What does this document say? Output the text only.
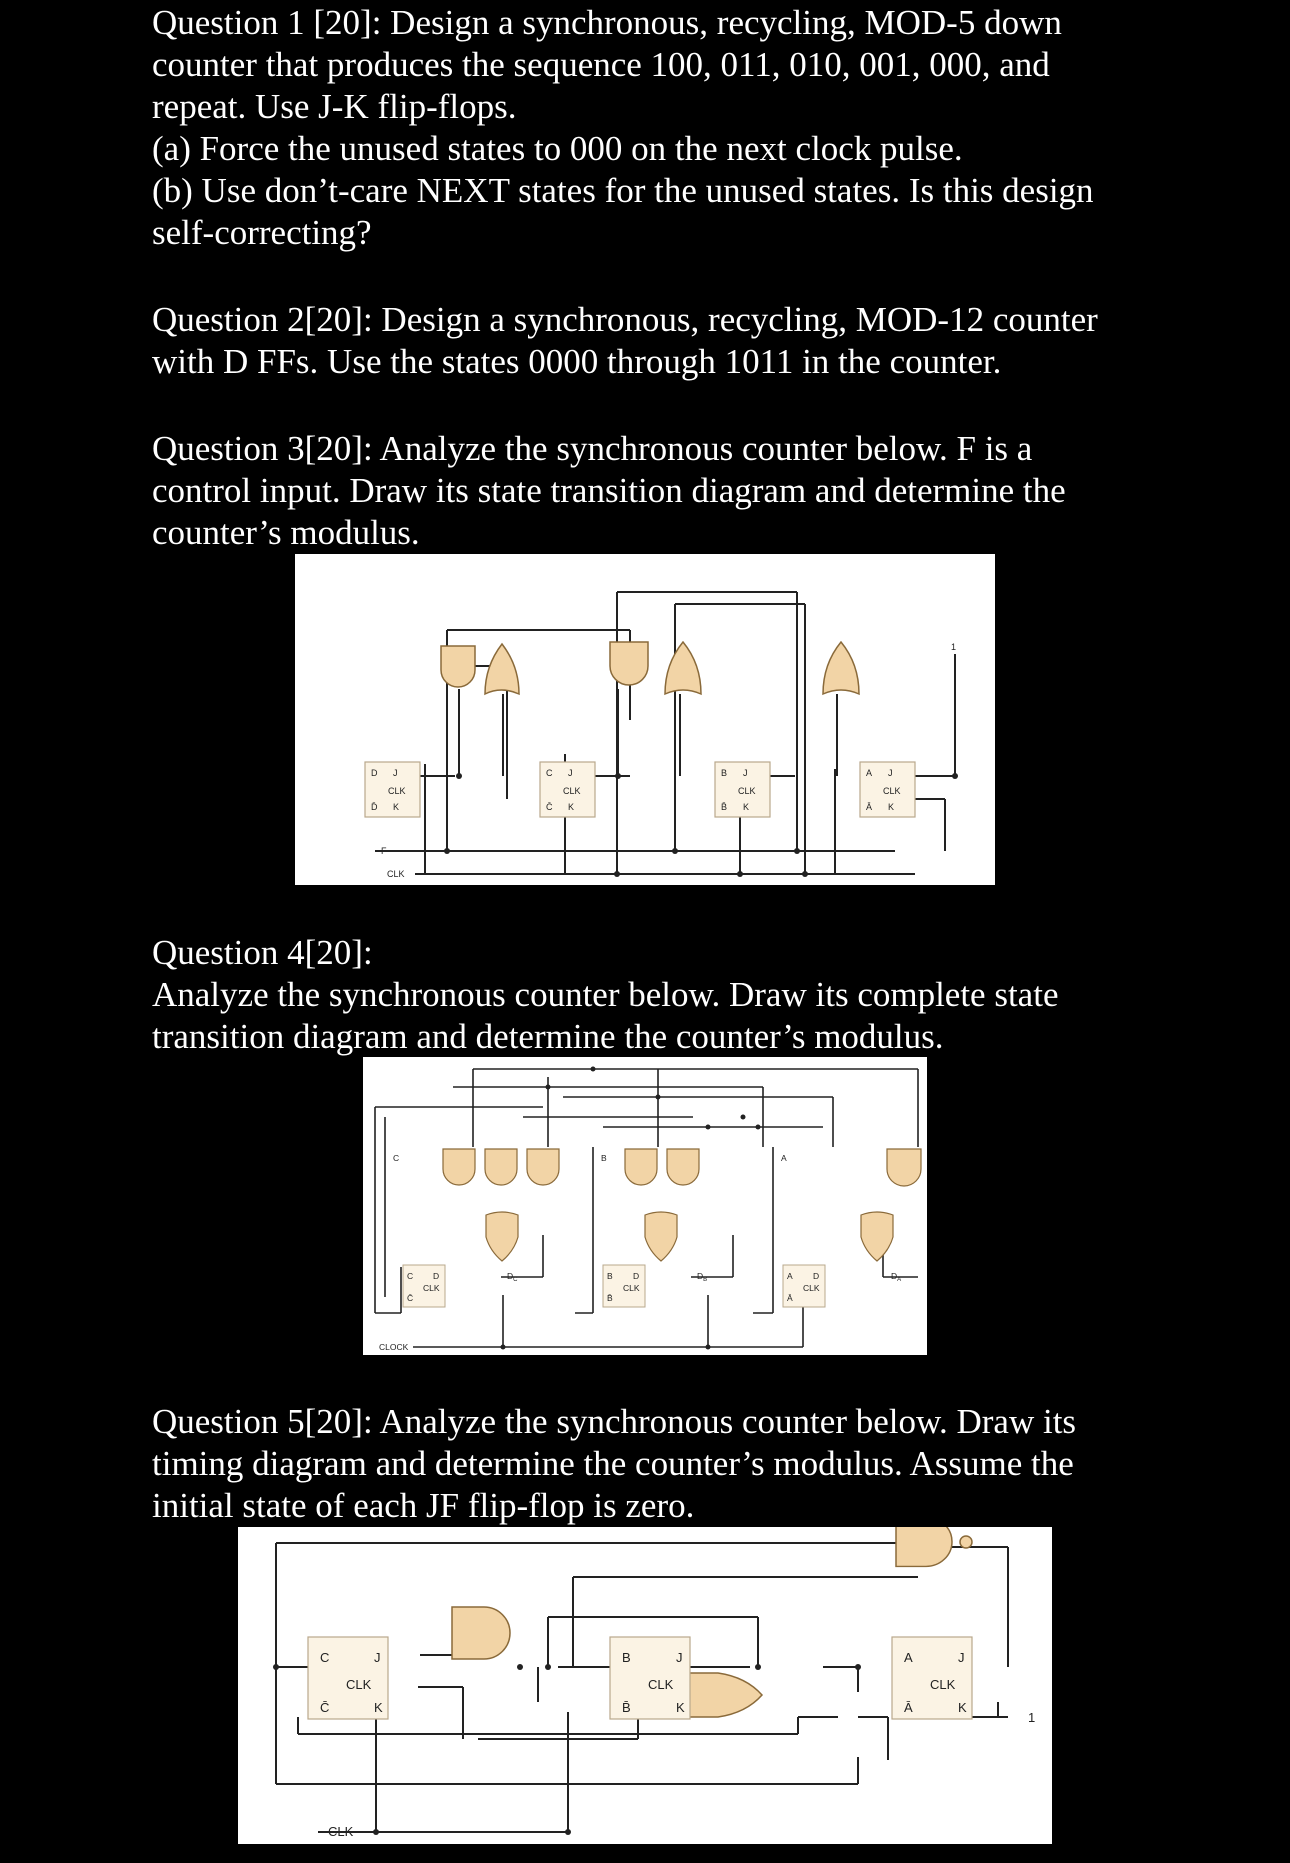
Question 1 [20]: Design a synchronous, recycling, MOD-5 down
counter that produces the sequence 100, 011, 010, 001, 000, and
repeat. Use J-K flip-flops.
(a) Force the unused states to 000 on the next clock pulse.
(b) Use don’t-care NEXT states for the unused states. Is this design
self-correcting?
Question 2[20]: Design a synchronous, recycling, MOD-12 counter
with D FFs. Use the states 0000 through 1011 in the counter.
Question 3[20]: Analyze the synchronous counter below. F is a
control input. Draw its state transition diagram and determine the
counter’s modulus.
Question 4[20]:
Analyze the synchronous counter below. Draw its complete state
transition diagram and determine the counter’s modulus.
Question 5[20]: Analyze the synchronous counter below. Draw its
timing diagram and determine the counter’s modulus. Assume the
initial state of each JF flip-flop is zero.
D
D̄
J
CLK
K
C
C̄
J
CLK
K
B
B̄
J
CLK
K
A
Ā
J
CLK
K
F
CLK
1
C	B	A
C
C̄
D
CLK
$D_C$	B
B̄
D
CLK
$D_B$	A
Ā
D
CLK
$D_A$
CLOCK
C
C̄
J
CLK
K
B
B̄
J
CLK
K
A
Ā
J
CLK
K
CLK
1
